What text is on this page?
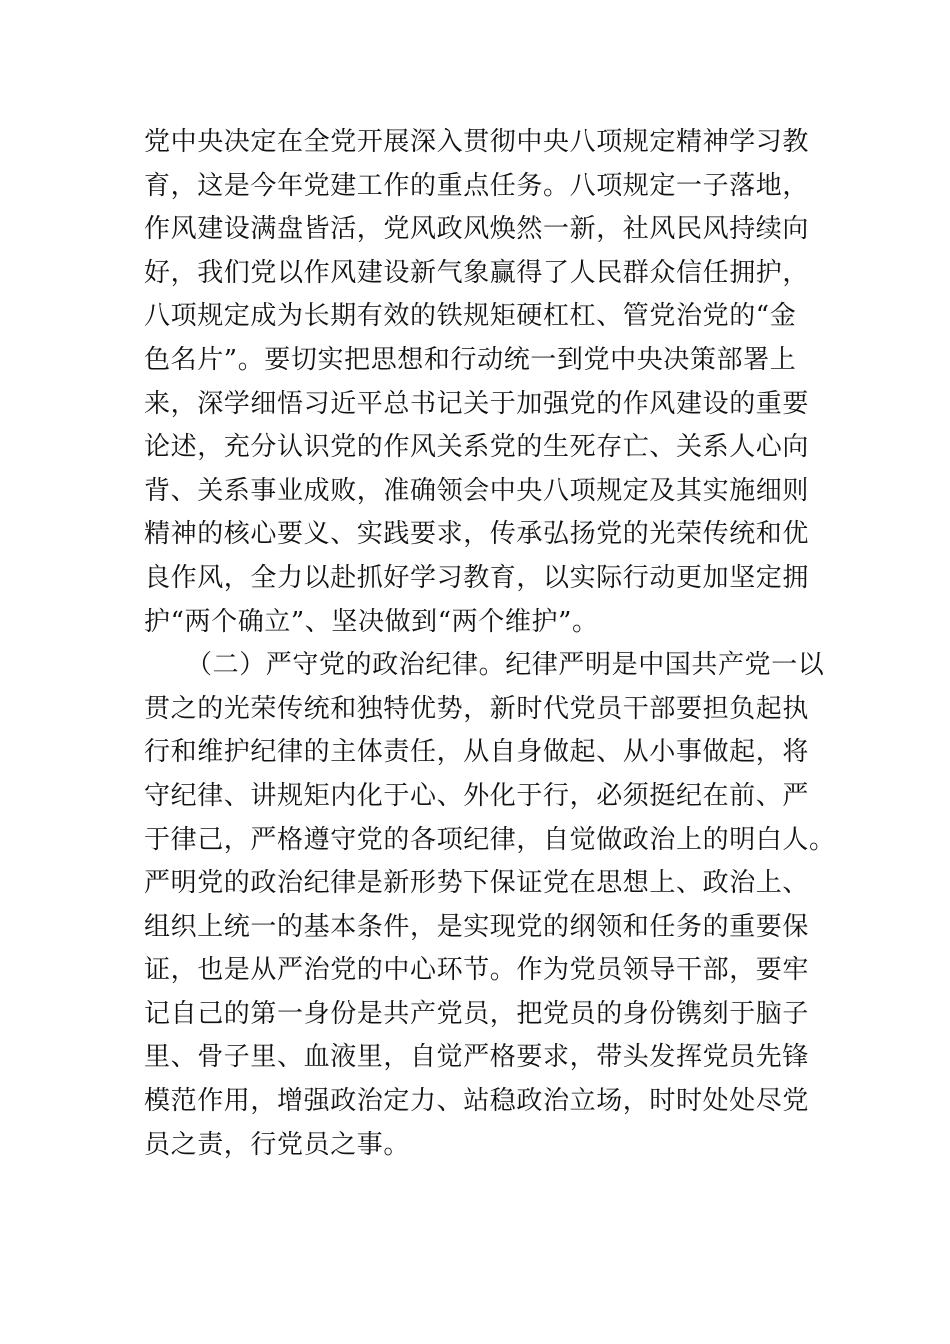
党中央决定在全党开展深入贯彻中央八项规定精神学习教
育，这是今年党建工作的重点任务。八项规定一子落地，
作风建设满盘皆活，党风政风焕然一新，社风民风持续向
好，我们党以作风建设新气象赢得了人民群众信任拥护，
八项规定成为长期有效的铁规矩硬杠杠、管党治党的“金
色名片”。要切实把思想和行动统一到党中央决策部署上
来，深学细悟习近平总书记关于加强党的作风建设的重要
论述，充分认识党的作风关系党的生死存亡、关系人心向
背、关系事业成败，准确领会中央八项规定及其实施细则
精神的核心要义、实践要求，传承弘扬党的光荣传统和优
良作风，全力以赴抓好学习教育，以实际行动更加坚定拥
护“两个确立”、坚决做到“两个维护”。
（二）严守党的政治纪律。纪律严明是中国共产党一以
贯之的光荣传统和独特优势，新时代党员干部要担负起执
行和维护纪律的主体责任，从自身做起、从小事做起，将
守纪律、讲规矩内化于心、外化于行，必须挺纪在前、严
于律己，严格遵守党的各项纪律，自觉做政治上的明白人。
严明党的政治纪律是新形势下保证党在思想上、政治上、
组织上统一的基本条件，是实现党的纲领和任务的重要保
证，也是从严治党的中心环节。作为党员领导干部，要牢
记自己的第一身份是共产党员，把党员的身份镌刻于脑子
里、骨子里、血液里，自觉严格要求，带头发挥党员先锋
模范作用，增强政治定力、站稳政治立场，时时处处尽党
员之责，行党员之事。
